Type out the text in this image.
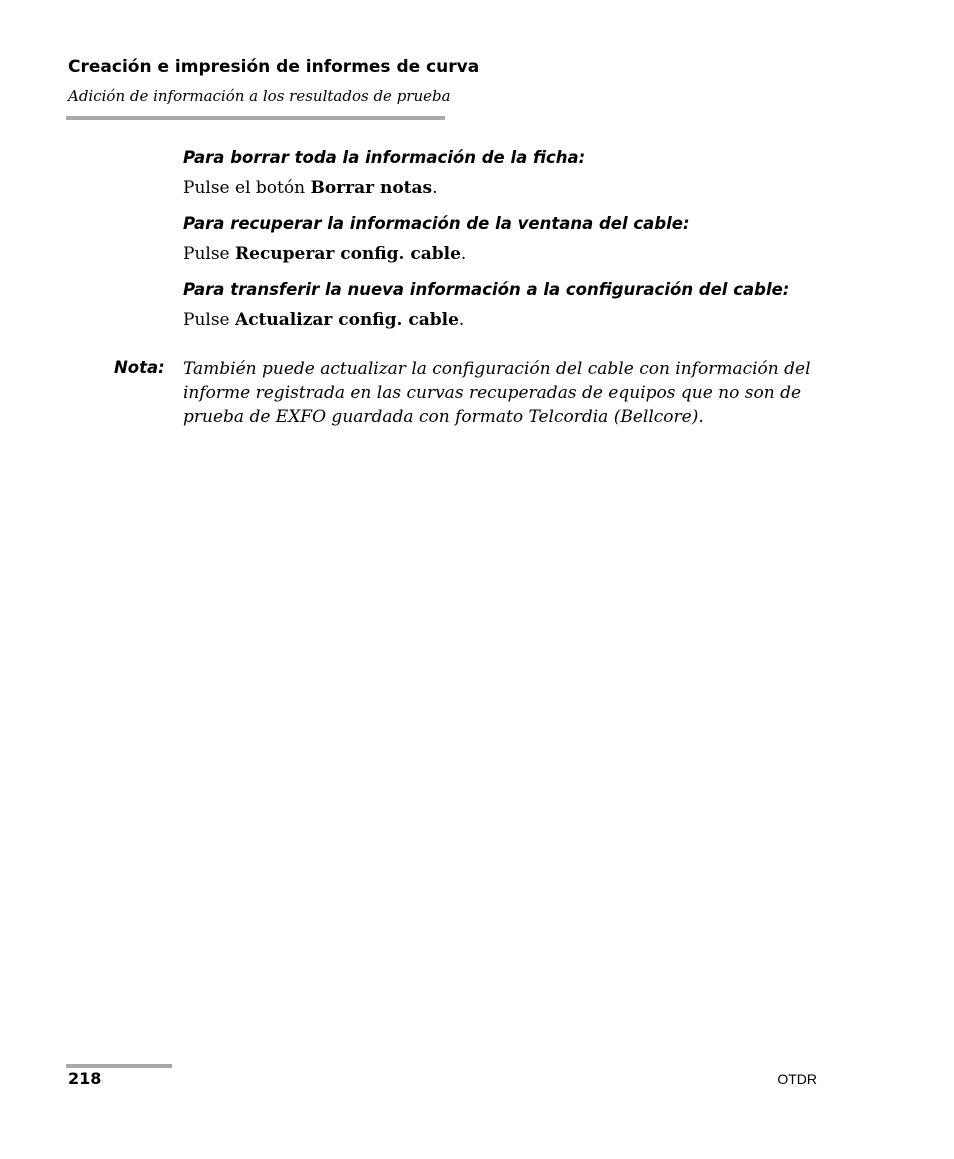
Creación e impresión de informes de curva
Adición de información a los resultados de prueba
Para borrar toda la información de la ficha:
Pulse el botón Borrar notas.
Para recuperar la información de la ventana del cable:
Pulse Recuperar config. cable.
Para transferir la nueva información a la configuración del cable:
Pulse Actualizar config. cable.
Nota: También puede actualizar la configuración del cable con información del
informe registrada en las curvas recuperadas de equipos que no son de
prueba de EXFO guardada con formato Telcordia (Bellcore).
218	OTDR
